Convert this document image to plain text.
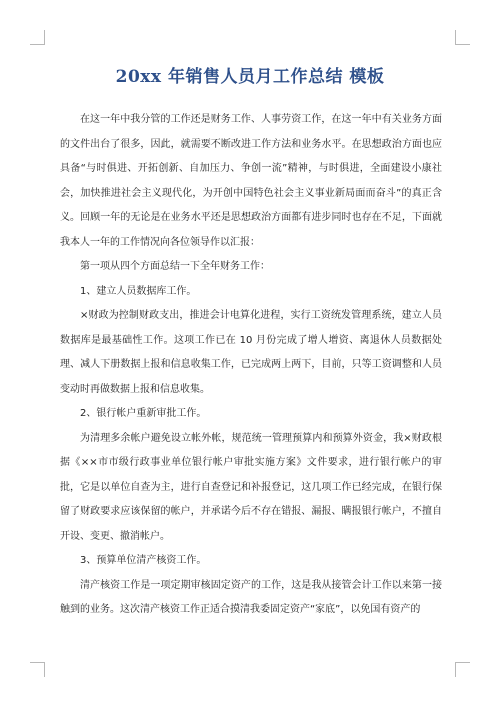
20xx 年销售人员月工作总结 模板

在这一年中我分管的工作还是财务工作、人事劳资工作，在这一年中有关业务方面的文件出台了很多，因此，就需要不断改进工作方法和业务水平。在思想政治方面也应具备“与时俱进、开拓创新、自加压力、争创一流”精神，与时俱进，全面建设小康社会，加快推进社会主义现代化，为开创中国特色社会主义事业新局面而奋斗”的真正含义。回顾一年的无论是在业务水平还是思想政治方面都有进步同时也存在不足，下面就我本人一年的工作情况向各位领导作以汇报：

第一项从四个方面总结一下全年财务工作：

1、建立人员数据库工作。

×财政为控制财政支出，推进会计电算化进程，实行工资统发管理系统，建立人员数据库是最基础性工作。这项工作已在 10 月份完成了增人增资、离退休人员数据处理、减人下册数据上报和信息收集工作，已完成两上两下，目前，只等工资调整和人员变动时再做数据上报和信息收集。

2、银行帐户重新审批工作。

为清理多余帐户避免设立帐外帐，规范统一管理预算内和预算外资金，我×财政根据《××市市级行政事业单位银行帐户审批实施方案》文件要求，进行银行帐户的审批，它是以单位自查为主，进行自查登记和补报登记，这几项工作已经完成，在银行保留了财政要求应该保留的帐户，并承诺今后不存在错报、漏报、瞒报银行帐户，不擅自开设、变更、撤消帐户。

3、预算单位清产核资工作。

清产核资工作是一项定期审核固定资产的工作，这是我从接管会计工作以来第一接触到的业务。这次清产核资工作正适合摸清我委固定资产“家底”，以免国有资产的
